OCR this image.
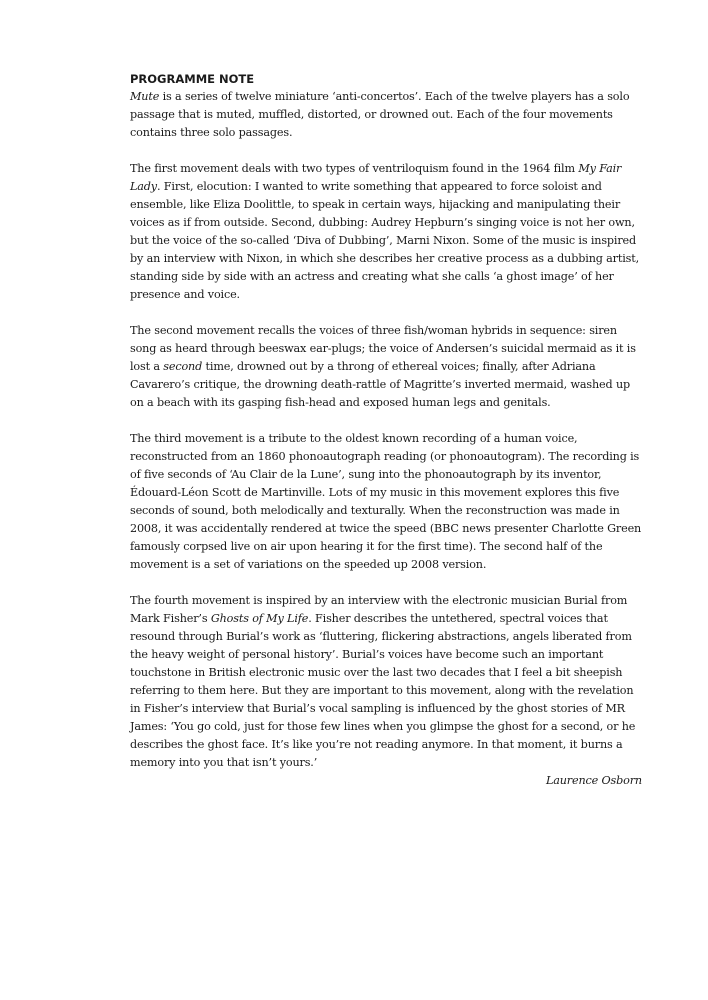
PROGRAMME NOTE

Mute is a series of twelve miniature ‘anti-concertos’. Each of the twelve players has a solo passage that is muted, muffled, distorted, or drowned out. Each of the four movements contains three solo passages.

The first movement deals with two types of ventriloquism found in the 1964 film My Fair Lady. First, elocution: I wanted to write something that appeared to force soloist and ensemble, like Eliza Doolittle, to speak in certain ways, hijacking and manipulating their voices as if from outside. Second, dubbing: Audrey Hepburn’s singing voice is not her own, but the voice of the so-called ‘Diva of Dubbing’, Marni Nixon. Some of the music is inspired by an interview with Nixon, in which she describes her creative process as a dubbing artist, standing side by side with an actress and creating what she calls ‘a ghost image’ of her presence and voice.

The second movement recalls the voices of three fish/woman hybrids in sequence: siren song as heard through beeswax ear-plugs; the voice of Andersen’s suicidal mermaid as it is lost a second time, drowned out by a throng of ethereal voices; finally, after Adriana Cavarero’s critique, the drowning death-rattle of Magritte’s inverted mermaid, washed up on a beach with its gasping fish-head and exposed human legs and genitals.

The third movement is a tribute to the oldest known recording of a human voice, reconstructed from an 1860 phonoautograph reading (or phonoautogram). The recording is of five seconds of ‘Au Clair de la Lune’, sung into the phonoautograph by its inventor, Édouard-Léon Scott de Martinville. Lots of my music in this movement explores this five seconds of sound, both melodically and texturally. When the reconstruction was made in 2008, it was accidentally rendered at twice the speed (BBC news presenter Charlotte Green famously corpsed live on air upon hearing it for the first time). The second half of the movement is a set of variations on the speeded up 2008 version.

The fourth movement is inspired by an interview with the electronic musician Burial from Mark Fisher’s Ghosts of My Life. Fisher describes the untethered, spectral voices that resound through Burial’s work as ‘fluttering, flickering abstractions, angels liberated from the heavy weight of personal history’. Burial’s voices have become such an important touchstone in British electronic music over the last two decades that I feel a bit sheepish referring to them here. But they are important to this movement, along with the revelation in Fisher’s interview that Burial’s vocal sampling is influenced by the ghost stories of MR James: ‘You go cold, just for those few lines when you glimpse the ghost for a second, or he describes the ghost face. It’s like you’re not reading anymore. In that moment, it burns a memory into you that isn’t yours.’

Laurence Osborn
